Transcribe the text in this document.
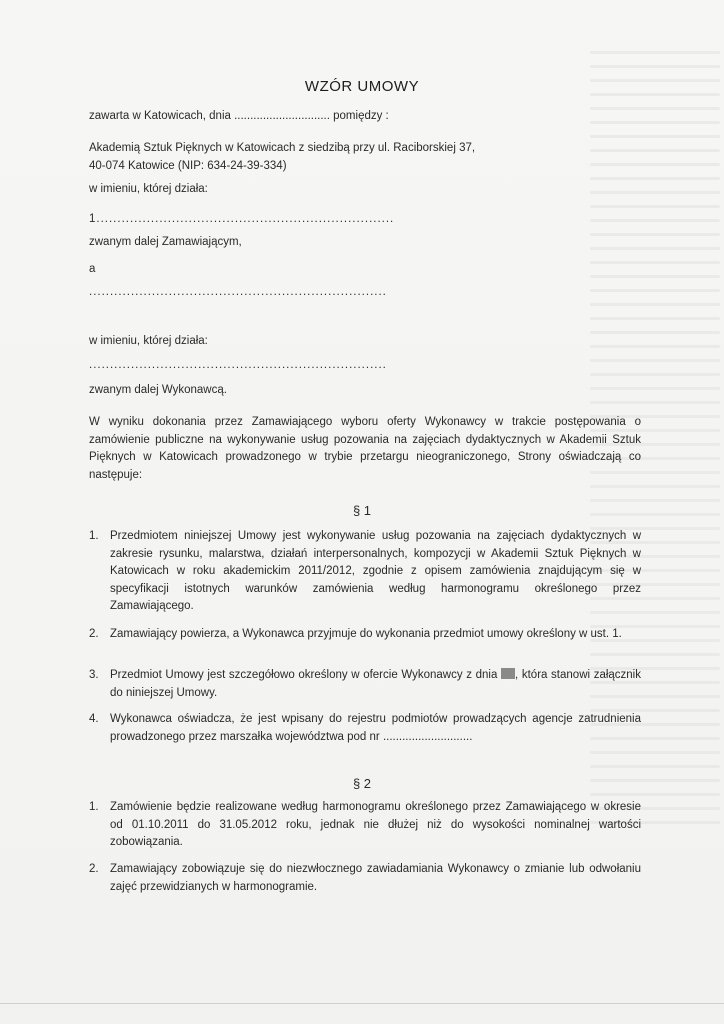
WZÓR UMOWY
zawarta w Katowicach, dnia .............................. pomiędzy :
Akademią Sztuk Pięknych w Katowicach z siedzibą przy ul. Raciborskiej 37,
40-074 Katowice (NIP: 634-24-39-334)
w imieniu, której działa:
1.......................................................................
zwanym dalej Zamawiającym,
a
.......................................................................
w imieniu, której działa:
.......................................................................
zwanym dalej Wykonawcą.
W wyniku dokonania przez Zamawiającego wyboru oferty Wykonawcy w trakcie postępowania o zamówienie publiczne na wykonywanie usług pozowania na zajęciach dydaktycznych w Akademii Sztuk Pięknych w Katowicach prowadzonego w trybie przetargu nieograniczonego, Strony oświadczają co następuje:
§ 1
1. Przedmiotem niniejszej Umowy jest wykonywanie usług pozowania na zajęciach dydaktycznych w zakresie rysunku, malarstwa, działań interpersonalnych, kompozycji w Akademii Sztuk Pięknych w Katowicach w roku akademickim 2011/2012, zgodnie z opisem zamówienia znajdującym się w specyfikacji istotnych warunków zamówienia według harmonogramu określonego przez Zamawiającego.
2. Zamawiający powierza, a Wykonawca przyjmuje do wykonania przedmiot umowy określony w ust. 1.
3. Przedmiot Umowy jest szczegółowo określony w ofercie Wykonawcy z dnia , która stanowi załącznik do niniejszej Umowy.
4. Wykonawca oświadcza, że jest wpisany do rejestru podmiotów prowadzących agencje zatrudnienia prowadzonego przez marszałka województwa pod nr ............................
§ 2
1. Zamówienie będzie realizowane według harmonogramu określonego przez Zamawiającego w okresie od 01.10.2011 do 31.05.2012 roku, jednak nie dłużej niż do wysokości nominalnej wartości zobowiązania.
2. Zamawiający zobowiązuje się do niezwłocznego zawiadamiania Wykonawcy o zmianie lub odwołaniu zajęć przewidzianych w harmonogramie.
